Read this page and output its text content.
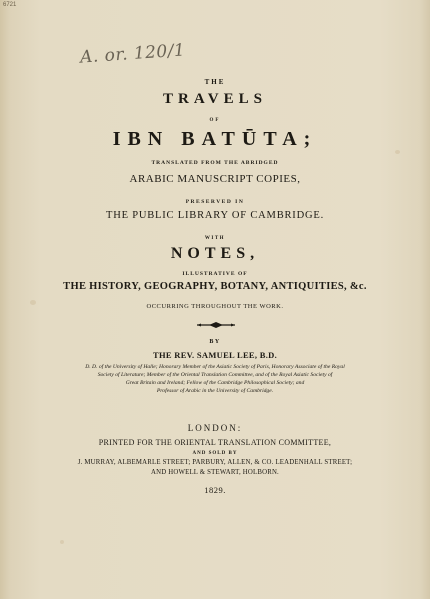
6721
A. or. 120/1
THE
TRAVELS
OF
IBN BATŪTA;
TRANSLATED FROM THE ABRIDGED
ARABIC MANUSCRIPT COPIES,
PRESERVED IN
THE PUBLIC LIBRARY OF CAMBRIDGE.
WITH
NOTES,
ILLUSTRATIVE OF
THE HISTORY, GEOGRAPHY, BOTANY, ANTIQUITIES, &c.
OCCURRING THROUGHOUT THE WORK.
BY
THE REV. SAMUEL LEE, B.D.
D. D. of the University of Halle; Honorary Member of the Asiatic Society of Paris, Honorary Associate of the Royal
Society of Literature; Member of the Oriental Translation Committee, and of the Royal Asiatic Society of
Great Britain and Ireland; Fellow of the Cambridge Philosophical Society; and
Professor of Arabic in the University of Cambridge.
LONDON:
PRINTED FOR THE ORIENTAL TRANSLATION COMMITTEE,
AND SOLD BY
J. MURRAY, ALBEMARLE STREET; PARBURY, ALLEN, & CO. LEADENHALL STREET;
AND HOWELL & STEWART, HOLBORN.
1829.
